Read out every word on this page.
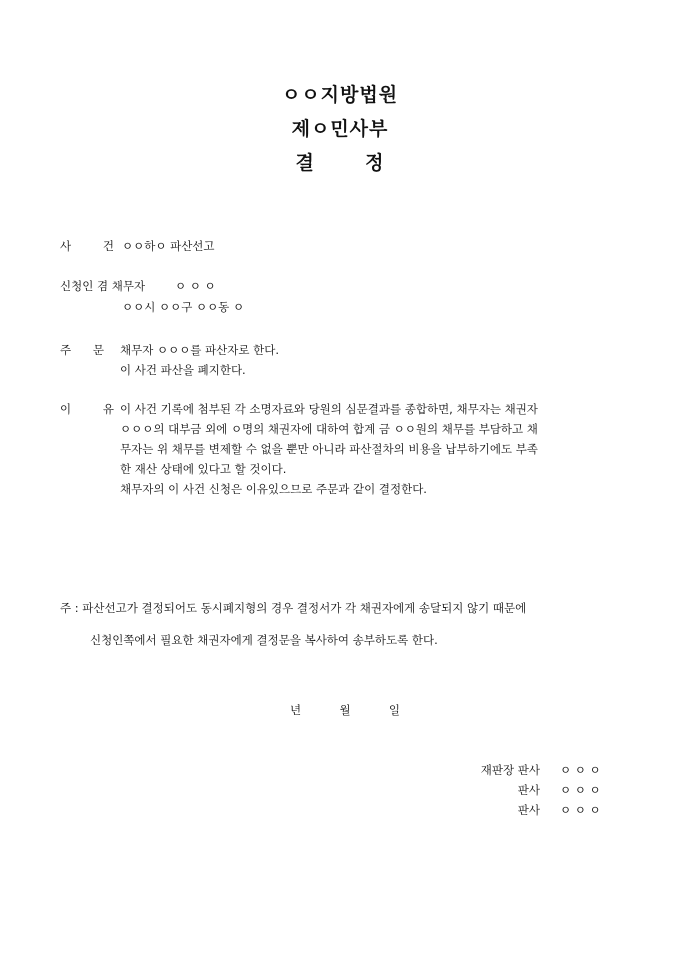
ㅇㅇ지방법원
제ㅇ민사부
결	정
사	건 ㅇㅇ하ㅇ 파산선고
신청인 겸 채무자	ㅇ ㅇ ㅇ
ㅇㅇ시 ㅇㅇ구 ㅇㅇ동 ㅇ
주 문 채무자 ㅇㅇㅇ를 파산자로 한다.
이 사건 파산을 폐지한다.
이	유 이 사건 기록에 첨부된 각 소명자료와 당원의 심문결과를 종합하면, 채무자는 채권자
ㅇㅇㅇ의 대부금 외에 ㅇ명의 채권자에 대하여 합계 금 ㅇㅇ원의 채무를 부담하고 채
무자는 위 채무를 변제할 수 없을 뿐만 아니라 파산절차의 비용을 납부하기에도 부족
한 재산 상태에 있다고 할 것이다.
채무자의 이 사건 신청은 이유있으므로 주문과 같이 결정한다.
주 : 파산선고가 결정되어도 동시폐지형의 경우 결정서가 각 채권자에게 송달되지 않기 때문에
신청인쪽에서 필요한 채권자에게 결정문을 복사하여 송부하도록 한다.
년	월	일
재판장 판사 ㅇ ㅇ ㅇ
판사 ㅇ ㅇ ㅇ
판사 ㅇ ㅇ ㅇ
